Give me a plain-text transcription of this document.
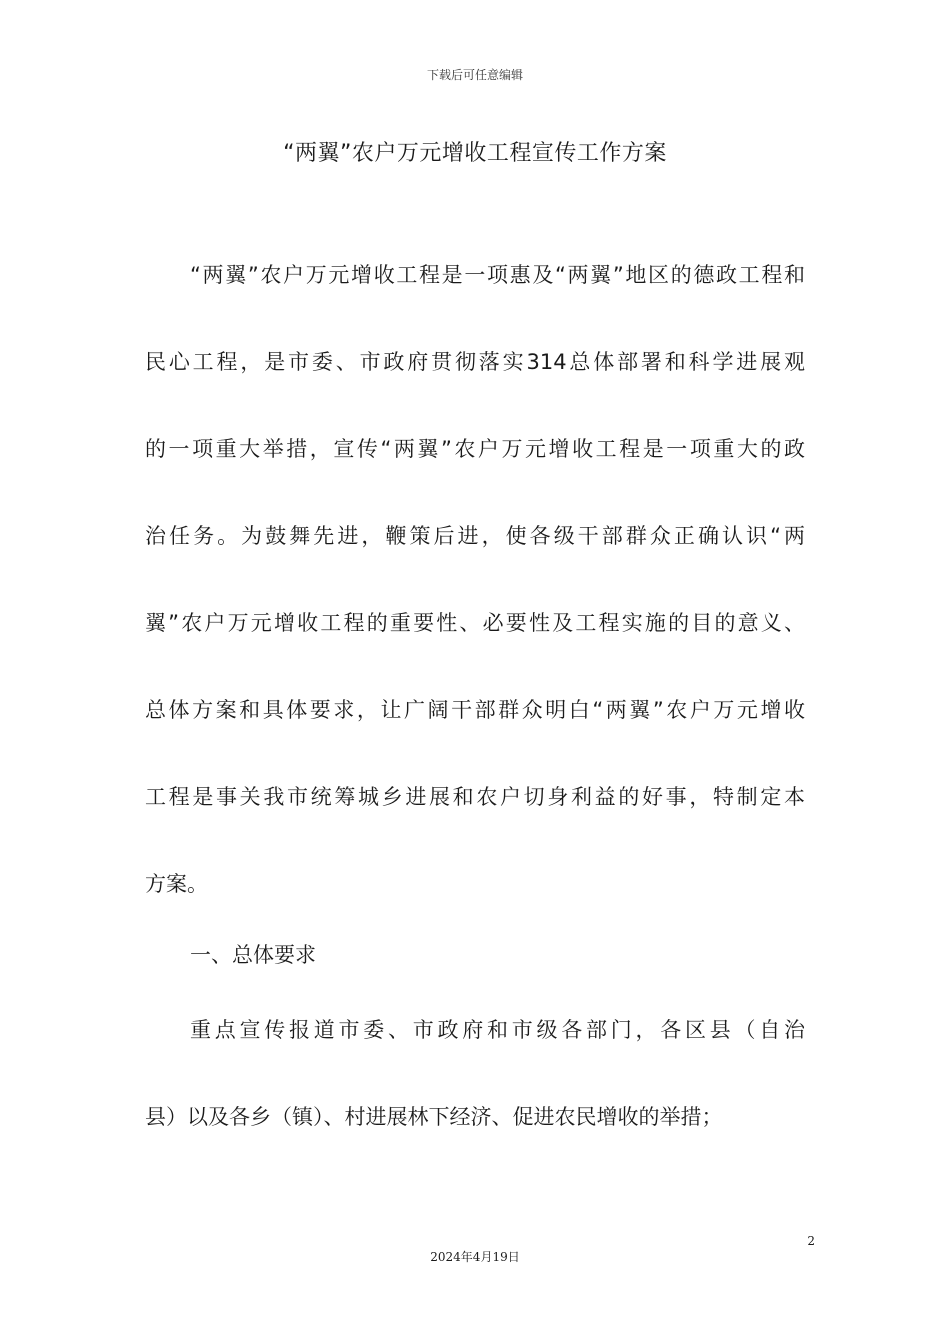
下载后可任意编辑
“两翼”农户万元增收工程宣传工作方案
“两翼”农户万元增收工程是一项惠及“两翼”地区的德政工程和
民心工程，是市委、市政府贯彻落实314总体部署和科学进展观
的一项重大举措，宣传“两翼”农户万元增收工程是一项重大的政
治任务。为鼓舞先进，鞭策后进，使各级干部群众正确认识“两
翼”农户万元增收工程的重要性、必要性及工程实施的目的意义、
总体方案和具体要求，让广阔干部群众明白“两翼”农户万元增收
工程是事关我市统筹城乡进展和农户切身利益的好事，特制定本
方案。
一、总体要求
重点宣传报道市委、市政府和市级各部门，各区县（自治
县）以及各乡（镇）、村进展林下经济、促进农民增收的举措；
2
2024年4月19日
